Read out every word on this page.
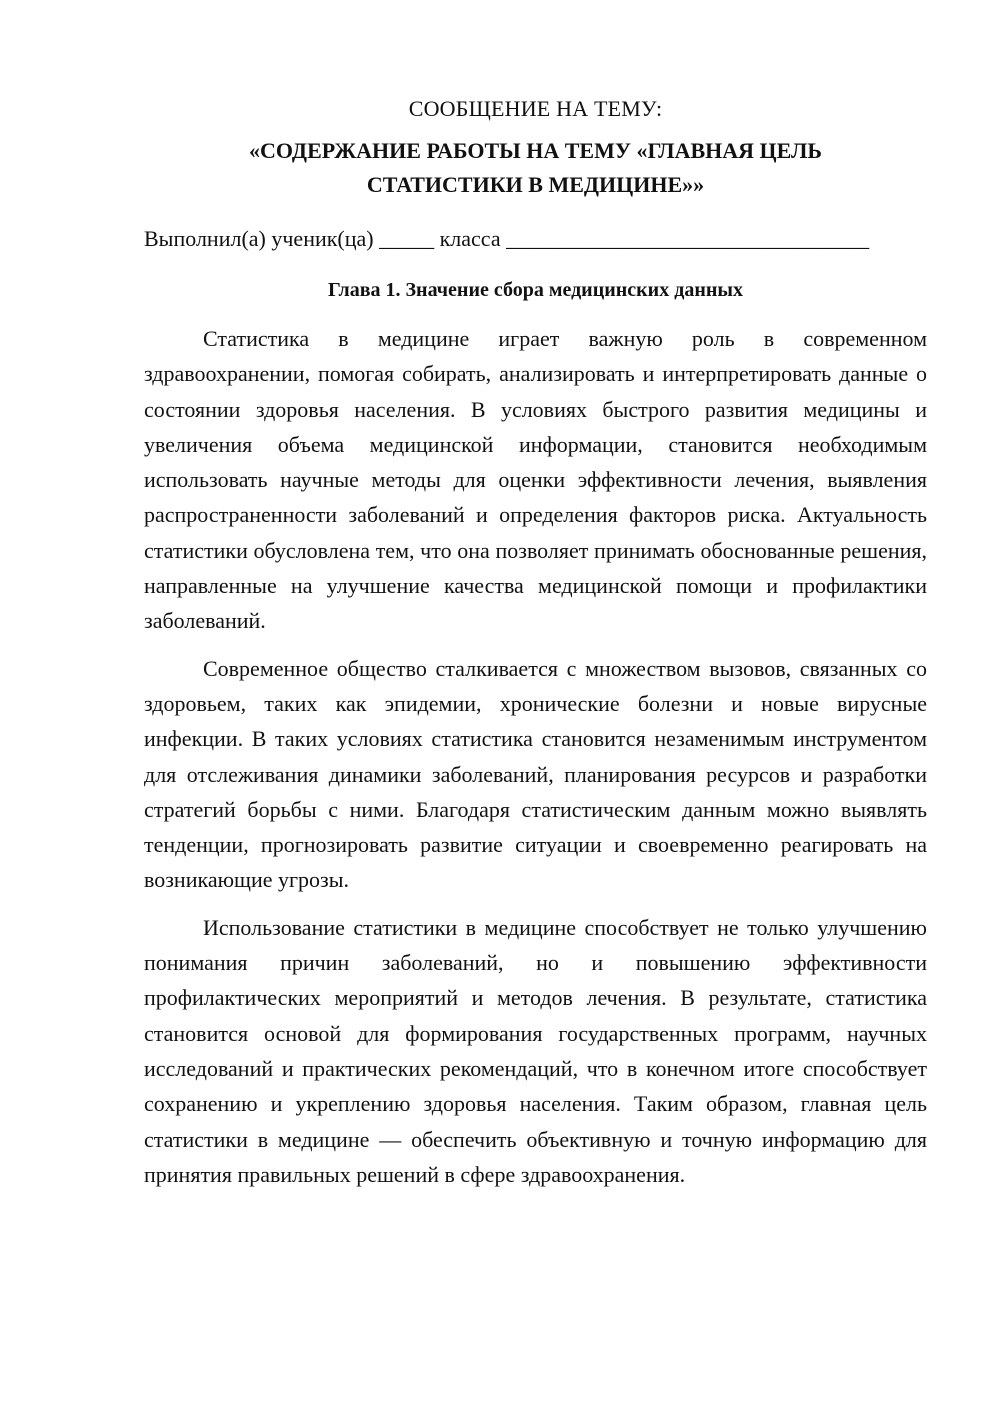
СООБЩЕНИЕ НА ТЕМУ:
«СОДЕРЖАНИЕ РАБОТЫ НА ТЕМУ «ГЛАВНАЯ ЦЕЛЬ СТАТИСТИКИ В МЕДИЦИНЕ»»
Выполнил(а) ученик(ца) _____ класса _________________________________
Глава 1. Значение сбора медицинских данных

Статистика в медицине играет важную роль в современном здравоохранении, помогая собирать, анализировать и интерпретировать данные о состоянии здоровья населения. В условиях быстрого развития медицины и увеличения объема медицинской информации, становится необходимым использовать научные методы для оценки эффективности лечения, выявления распространенности заболеваний и определения факторов риска. Актуальность статистики обусловлена тем, что она позволяет принимать обоснованные решения, направленные на улучшение качества медицинской помощи и профилактики заболеваний.

Современное общество сталкивается с множеством вызовов, связанных со здоровьем, таких как эпидемии, хронические болезни и новые вирусные инфекции. В таких условиях статистика становится незаменимым инструментом для отслеживания динамики заболеваний, планирования ресурсов и разработки стратегий борьбы с ними. Благодаря статистическим данным можно выявлять тенденции, прогнозировать развитие ситуации и своевременно реагировать на возникающие угрозы.

Использование статистики в медицине способствует не только улучшению понимания причин заболеваний, но и повышению эффективности профилактических мероприятий и методов лечения. В результате, статистика становится основой для формирования государственных программ, научных исследований и практических рекомендаций, что в конечном итоге способствует сохранению и укреплению здоровья населения. Таким образом, главная цель статистики в медицине — обеспечить объективную и точную информацию для принятия правильных решений в сфере здравоохранения.
